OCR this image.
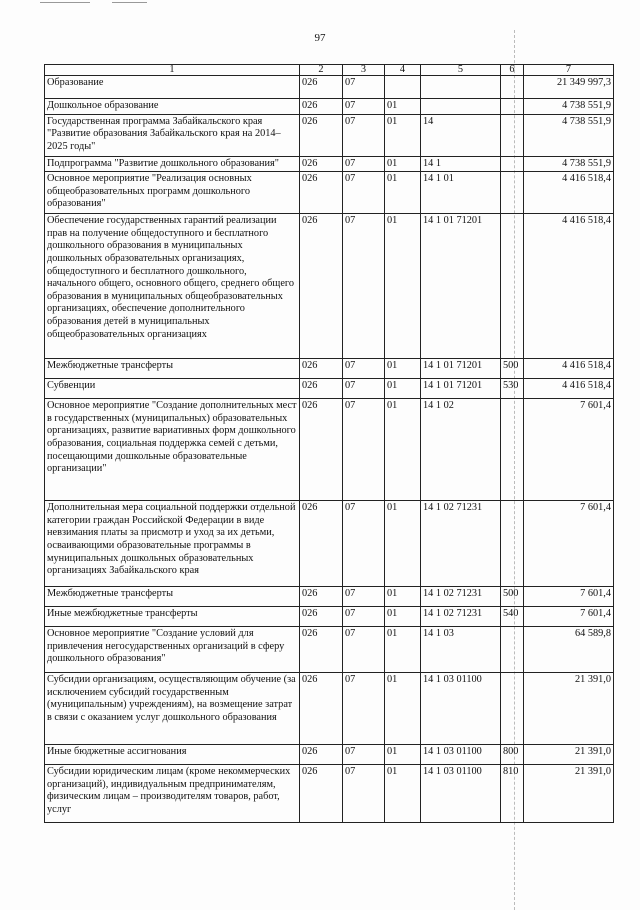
97
1	2	3	4	5	6	7
Образование	026	07				21 349 997,3
Дошкольное образование	026	07	01			4 738 551,9
Государственная программа Забайкальского края "Развитие образования Забайкальского края на 2014–2025 годы"	026	07	01	14		4 738 551,9
Подпрограмма "Развитие дошкольного образования"	026	07	01	14 1		4 738 551,9
Основное мероприятие "Реализация основных общеобразовательных программ дошкольного образования"	026	07	01	14 1 01		4 416 518,4
Обеспечение государственных гарантий реализации прав на получение общедоступного и бесплатного дошкольного образования в муниципальных дошкольных образовательных организациях, общедоступного и бесплатного дошкольного, начального общего, основного общего, среднего общего образования в муниципальных общеобразовательных организациях, обеспечение дополнительного образования детей в муниципальных общеобразовательных организациях	026	07	01	14 1 01 71201		4 416 518,4
Межбюджетные трансферты	026	07	01	14 1 01 71201	500	4 416 518,4
Субвенции	026	07	01	14 1 01 71201	530	4 416 518,4
Основное мероприятие "Создание дополнительных мест в государственных (муниципальных) образовательных организациях, развитие вариативных форм дошкольного образования, социальная поддержка семей с детьми, посещающими дошкольные образовательные организации"	026	07	01	14 1 02		7 601,4
Дополнительная мера социальной поддержки отдельной категории граждан Российской Федерации в виде невзимания платы за присмотр и уход за их детьми, осваивающими образовательные программы в муниципальных дошкольных образовательных организациях Забайкальского края	026	07	01	14 1 02 71231		7 601,4
Межбюджетные трансферты	026	07	01	14 1 02 71231	500	7 601,4
Иные межбюджетные трансферты	026	07	01	14 1 02 71231	540	7 601,4
Основное мероприятие "Создание условий для привлечения негосударственных организаций в сферу дошкольного образования"	026	07	01	14 1 03		64 589,8
Субсидии организациям, осуществляющим обучение (за исключением субсидий государственным (муниципальным) учреждениям), на возмещение затрат в связи с оказанием услуг дошкольного образования	026	07	01	14 1 03 01100		21 391,0
Иные бюджетные ассигнования	026	07	01	14 1 03 01100	800	21 391,0
Субсидии юридическим лицам (кроме некоммерческих организаций), индивидуальным предпринимателям, физическим лицам – производителям товаров, работ, услуг	026	07	01	14 1 03 01100	810	21 391,0
